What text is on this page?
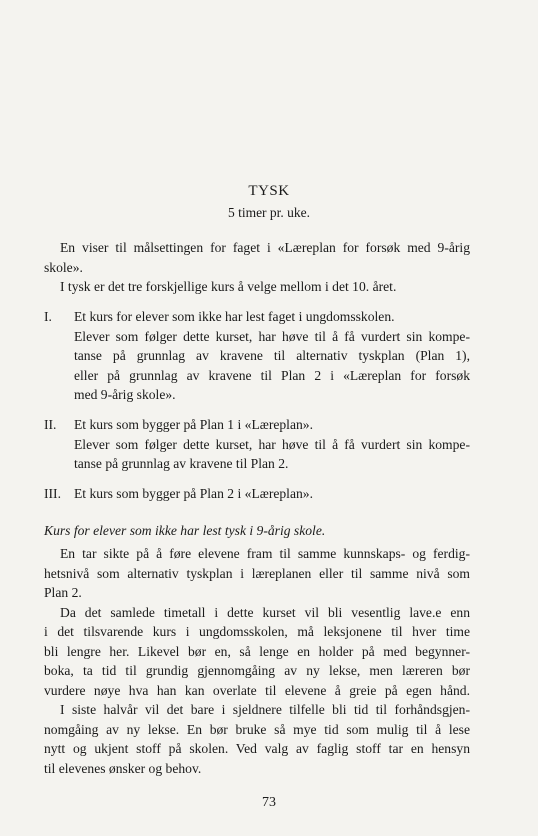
TYSK
5 timer pr. uke.
En viser til målsettingen for faget i «Læreplan for forsøk med 9-årig
skole».
I tysk er det tre forskjellige kurs å velge mellom i det 10. året.
I. Et kurs for elever som ikke har lest faget i ungdomsskolen.
Elever som følger dette kurset, har høve til å få vurdert sin kompe-
tanse på grunnlag av kravene til alternativ tyskplan (Plan 1),
eller på grunnlag av kravene til Plan 2 i «Læreplan for forsøk
med 9-årig skole».
II. Et kurs som bygger på Plan 1 i «Læreplan».
Elever som følger dette kurset, har høve til å få vurdert sin kompe-
tanse på grunnlag av kravene til Plan 2.
III. Et kurs som bygger på Plan 2 i «Læreplan».
Kurs for elever som ikke har lest tysk i 9-årig skole.
En tar sikte på å føre elevene fram til samme kunnskaps- og ferdig-
hetsnivå som alternativ tyskplan i læreplanen eller til samme nivå som
Plan 2.
Da det samlede timetall i dette kurset vil bli vesentlig lave.e enn
i det tilsvarende kurs i ungdomsskolen, må leksjonene til hver time
bli lengre her. Likevel bør en, så lenge en holder på med begynner-
boka, ta tid til grundig gjennomgåing av ny lekse, men læreren bør
vurdere nøye hva han kan overlate til elevene å greie på egen hånd.
I siste halvår vil det bare i sjeldnere tilfelle bli tid til forhåndsgjen-
nomgåing av ny lekse. En bør bruke så mye tid som mulig til å lese
nytt og ukjent stoff på skolen. Ved valg av faglig stoff tar en hensyn
til elevenes ønsker og behov.
73
